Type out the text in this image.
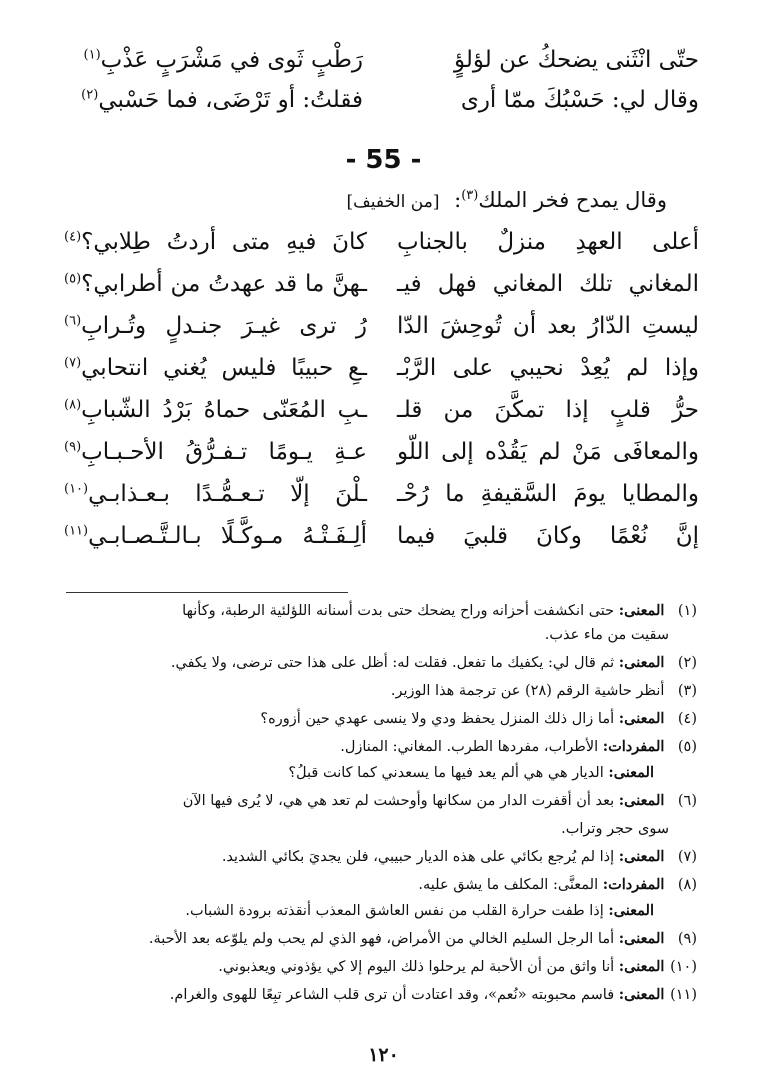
حتّى انْثَنى يضحكُ عن لؤلؤٍ
رَطْبٍ ثَوى في مَشْرَبٍ عَذْبِ$^{(١)}$
وقال لي: حَسْبُكَ ممّا أرى
فقلتُ: أو تَرْضَى، فما حَسْبي$^{(٢)}$
- 55 -
وقال يمدح فخر الملك$^{(٣)}$: [من الخفيف]
أعلى العهدِ منزلٌ بالجنابِ
كانَ فيهِ متى أردتُ طِلابي؟$^{(٤)}$
المغاني تلك المغاني فهل فيـ
ـهنَّ ما قد عهدتُ من أطرابي؟$^{(٥)}$
ليستِ الدّارُ بعد أن تُوحِشَ الدّا
رُ ترى غيـرَ جنـدلٍ وتُـرابِ$^{(٦)}$
وإذا لم يُعِدْ نحيبي على الرَّبْـ
ـعِ حبيبًا فليس يُغني انتحابي$^{(٧)}$
حرُّ قلبٍ إذا تمكَّنَ من قلـ
ـبِ المُعَنّى حماهُ بَرْدُ الشّبابِ$^{(٨)}$
والمعافَى مَنْ لم يَقُدْه إلى اللّو
عـةِ يـومًا تـفـرُّقُ الأحـبـابِ$^{(٩)}$
والمطايا يومَ السَّقيفةِ ما رُحْـ
ـلْنَ إلّا تـعـمُّـدًا بـعـذابـي$^{(١٠)}$
إنَّ نُعْمًا وكانَ قلبيَ فيما
ألِـفَـتْـهُ مـوكَّـلًا بـالـتَّـصـابـي$^{(١١)}$
(١) المعنى: حتى انكشفت أحزانه وراح يضحك حتى بدت أسنانه اللؤلئية الرطبة، وكأنها
سقيت من ماء عذب.
(٢) المعنى: ثم قال لي: يكفيك ما تفعل. فقلت له: أظل على هذا حتى ترضى، ولا يكفي.
(٣) أنظر حاشية الرقم (٢٨) عن ترجمة هذا الوزير.
(٤) المعنى: أما زال ذلك المنزل يحفظ ودي ولا ينسى عهدي حين أزوره؟
(٥) المفردات: الأطراب، مفردها الطرب. المغاني: المنازل.
المعنى: الديار هي هي ألم يعد فيها ما يسعدني كما كانت قبلُ؟
(٦) المعنى: بعد أن أقفرت الدار من سكانها وأوحشت لم تعد هي هي، لا يُرى فيها الآن
سوى حجر وتراب.
(٧) المعنى: إذا لم يُرجع بكائي على هذه الديار حبيبي، فلن يجديَ بكائي الشديد.
(٨) المفردات: المعنَّى: المكلف ما يشق عليه.
المعنى: إذا طفت حرارة القلب من نفس العاشق المعذب أنقذته برودة الشباب.
(٩) المعنى: أما الرجل السليم الخالي من الأمراض، فهو الذي لم يحب ولم يلوّعه بعد الأحبة.
(١٠) المعنى: أنا واثق من أن الأحبة لم يرحلوا ذلك اليوم إلا كي يؤذوني ويعذبوني.
(١١) المعنى: فاسم محبوبته «نُعم»، وقد اعتادت أن ترى قلب الشاعر تبِعًا للهوى والغرام.
١٢٠
